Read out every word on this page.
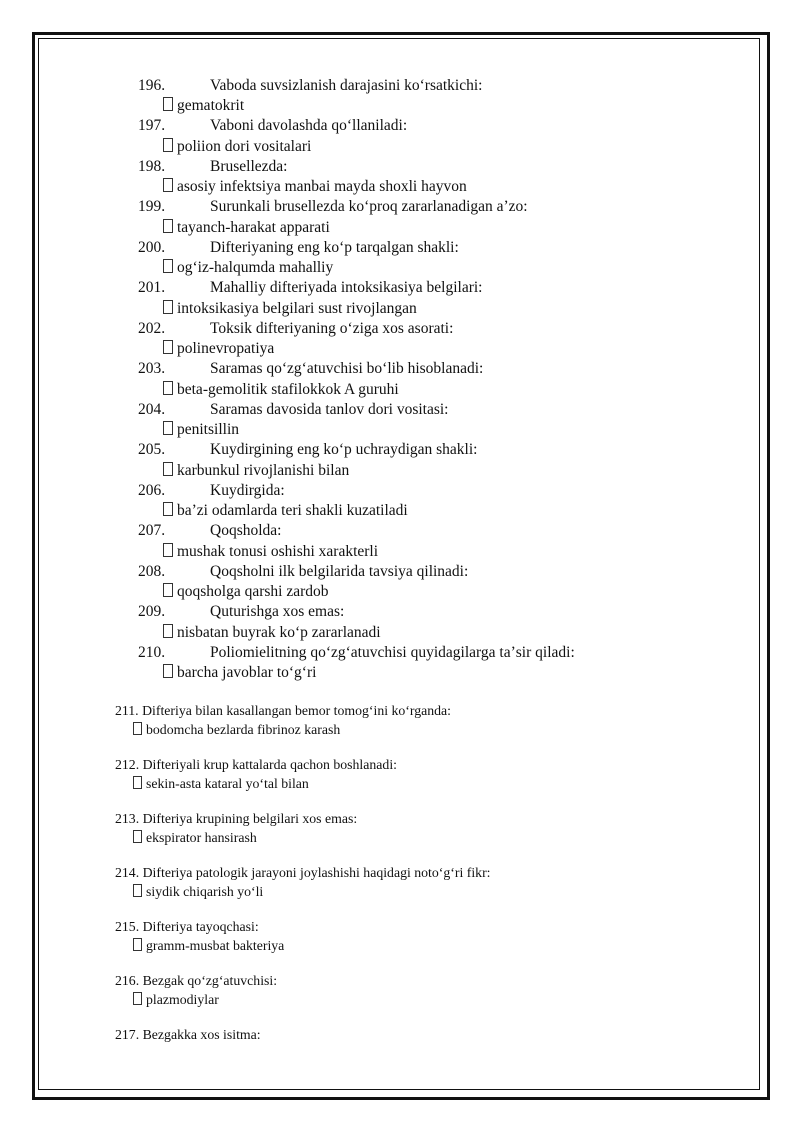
196.	Vaboda suvsizlanish darajasini koʻrsatkichi:
gematokrit
197.	Vaboni davolashda qoʻllaniladi:
poliion dori vositalari
198.	Brusellezda:
asosiy infektsiya manbai mayda shoxli hayvon
199.	Surunkali brusellezda koʻproq zararlanadigan aʼzo:
tayanch-harakat apparati
200.	Difteriyaning eng koʻp tarqalgan shakli:
ogʻiz-halqumda mahalliy
201.	Mahalliy difteriyada intoksikasiya belgilari:
intoksikasiya belgilari sust rivojlangan
202.	Toksik difteriyaning oʻziga xos asorati:
polinevropatiya
203.	Saramas qoʻzgʻatuvchisi boʻlib hisoblanadi:
beta-gemolitik stafilokkok A guruhi
204.	Saramas davosida tanlov dori vositasi:
penitsillin
205.	Kuydirgining eng koʻp uchraydigan shakli:
karbunkul rivojlanishi bilan
206.	Kuydirgida:
baʼzi odamlarda teri shakli kuzatiladi
207.	Qoqsholda:
mushak tonusi oshishi xarakterli
208.	Qoqsholni ilk belgilarida tavsiya qilinadi:
qoqsholga qarshi zardob
209.	Quturishga xos emas:
nisbatan buyrak koʻp zararlanadi
210.	Poliomielitning qoʻzgʻatuvchisi quyidagilarga taʼsir qiladi:
barcha javoblar toʻgʻri
211. Difteriya bilan kasallangan bemor tomogʻini koʻrganda:
bodomcha bezlarda fibrinoz karash
212. Difteriyali krup kattalarda qachon boshlanadi:
sekin-asta kataral yoʻtal bilan
213. Difteriya krupining belgilari xos emas:
ekspirator hansirash
214. Difteriya patologik jarayoni joylashishi haqidagi notoʻgʻri fikr:
siydik chiqarish yoʻli
215. Difteriya tayoqchasi:
gramm-musbat bakteriya
216. Bezgak qoʻzgʻatuvchisi:
plazmodiylar
217. Bezgakka xos isitma:
